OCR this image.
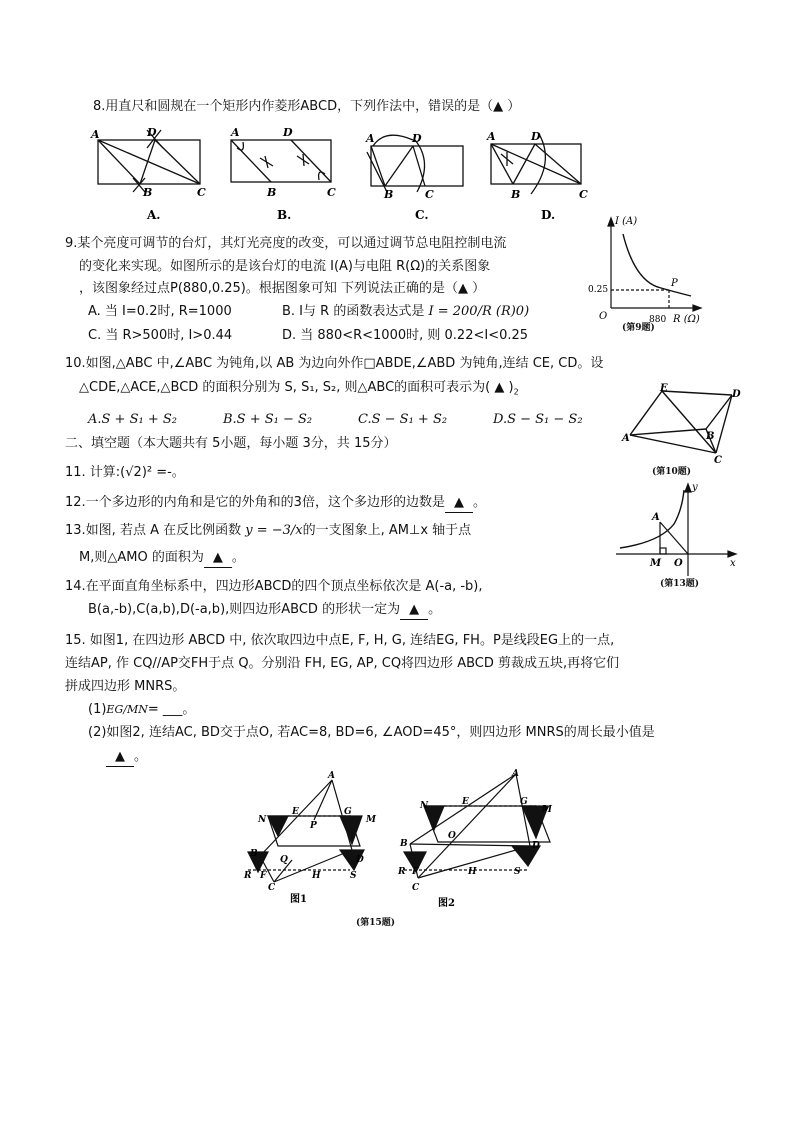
8.用直尺和圆规在一个矩形内作菱形ABCD，下列作法中，错误的是（▲ ）
A	D
B	C
A.
A	D
B	C
B.
A	D
B	C
C.
A	D
B	C
D.
9.某个亮度可调节的台灯，其灯光亮度的改变，可以通过调节总电阻控制电流
的变化来实现。如图所示的是该台灯的电流 I(A)与电阻 R(Ω)的关系图象
，该图象经过点P(880,0.25)。根据图象可知 下列说法正确的是（▲ ）
A. 当 I=0.2时, R=1000	B. I与 R 的函数表达式是 I = 200/R (R)0)
C. 当 R>500时, I>0.44	D. 当 880<R<1000时, 则 0.22<I<0.25
I (A)
R (Ω)
0.25
880
O
P
(第9题)
10.如图,△ABC 中,∠ABC 为钝角,以 AB 为边向外作□ABDE,∠ABD 为钝角,连结 CE, CD。设
△CDE,△ACE,△BCD 的面积分别为 S, S₁, S₂, 则△ABC的面积可表示为( ▲ )$_2$
A.S + S₁ + S₂	B.S + S₁ − S₂	C.S − S₁ + S₂	D.S − S₁ − S₂
E
D
A	B
C
(第10题)
二、填空题（本大题共有 5小题，每小题 3分，共 15分）
11. 计算:(√2)² =-。
12.一个多边形的内角和是它的外角和的3倍，这个多边形的边数是 ▲ 。
13.如图, 若点 A 在反比例函数 y = −3/x的一支图象上, AM⊥x 轴于点
M,则△AMO 的面积为 ▲ 。
y
x
A
M O
(第13题)
14.在平面直角坐标系中，四边形ABCD的四个顶点坐标依次是 A(-a, -b),
B(a,-b),C(a,b),D(-a,b),则四边形ABCD 的形状一定为 ▲ 。
15. 如图1, 在四边形 ABCD 中, 依次取四边中点E, F, H, G, 连结EG, FH。P是线段EG上的一点,
连结AP, 作 CQ//AP交FH于点 Q。分别沿 FH, EG, AP, CQ将四边形 ABCD 剪裁成五块,再将它们
拼成四边形 MNRS。
(1)EG/MN= ___。
(2)如图2, 连结AC, BD交于点O, 若AC=8, BD=6, ∠AOD=45°，则四边形 MNRS的周长最小值是
▲ 。
A
N
E	G
M
P
B
Q	D
R F	H	S
C
图1
A
N	E	G
M
O
B	D
R F	H	S
C
图2
(第15题)
